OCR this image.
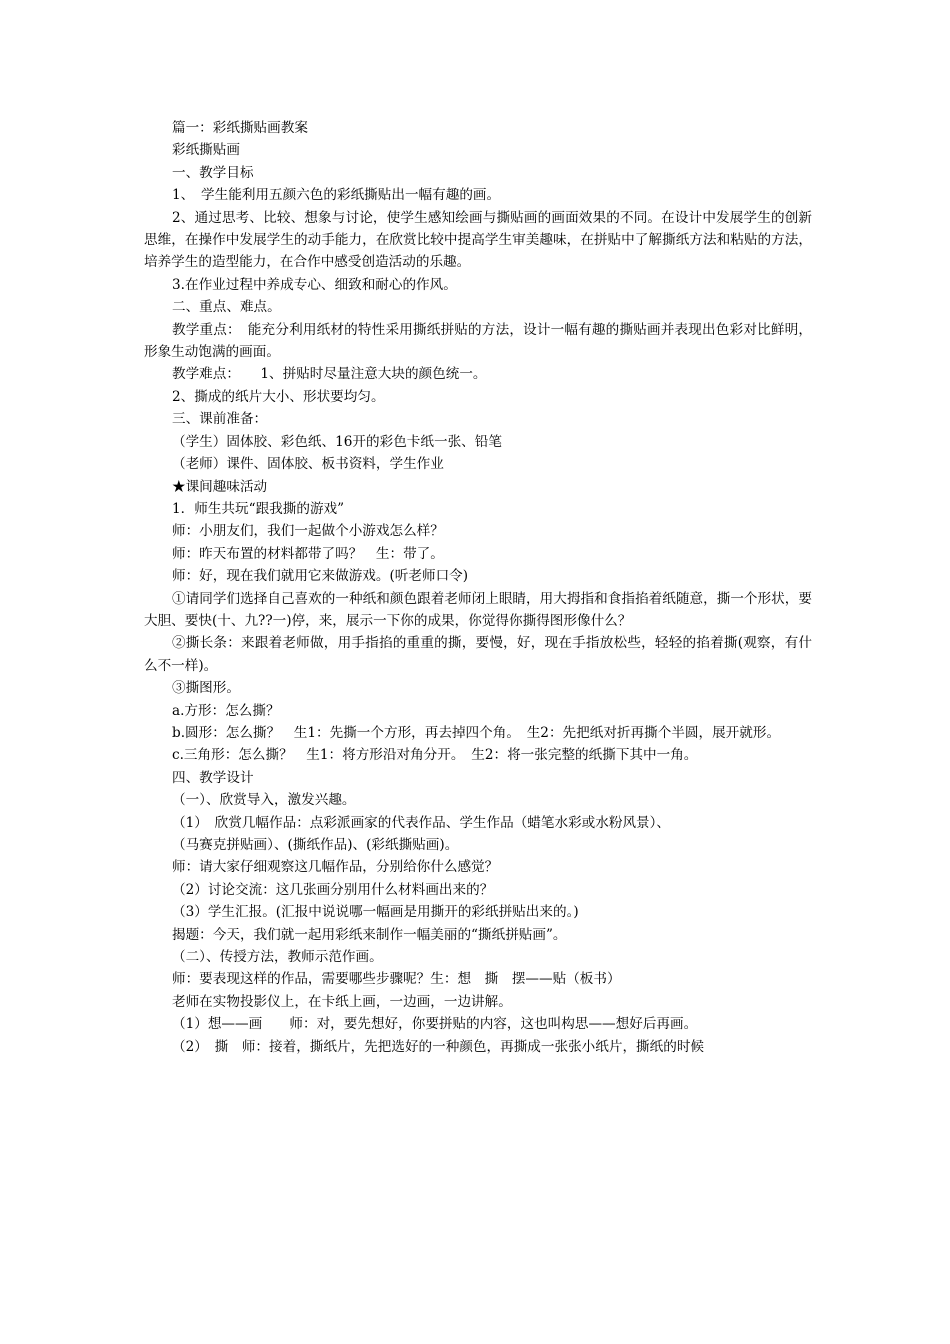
篇一：彩纸撕贴画教案

彩纸撕贴画

一、教学目标

1、　学生能利用五颜六色的彩纸撕贴出一幅有趣的画。

2、通过思考、比较、想象与讨论，使学生感知绘画与撕贴画的画面效果的不同。在设计中发展学生的创新思维，在操作中发展学生的动手能力，在欣赏比较中提高学生审美趣味，在拼贴中了解撕纸方法和粘贴的方法，培养学生的造型能力，在合作中感受创造活动的乐趣。

3.在作业过程中养成专心、细致和耐心的作风。

二、重点、难点。

教学重点：　能充分利用纸材的特性采用撕纸拼贴的方法，设计一幅有趣的撕贴画并表现出色彩对比鲜明，形象生动饱满的画面。

教学难点：　　1、拼贴时尽量注意大块的颜色统一。

2、撕成的纸片大小、形状要均匀。

三、课前准备：

（学生）固体胶、彩色纸、16开的彩色卡纸一张、铅笔

（老师）课件、固体胶、板书资料，学生作业

★课间趣味活动

1．师生共玩“跟我撕的游戏”

师：小朋友们，我们一起做个小游戏怎么样？

师：昨天布置的材料都带了吗？　生：带了。

师：好，现在我们就用它来做游戏。(听老师口令)

①请同学们选择自己喜欢的一种纸和颜色跟着老师闭上眼睛，用大拇指和食指掐着纸随意，撕一个形状，要大胆、要快(十、九??一)停，来，展示一下你的成果，你觉得你撕得图形像什么？

②撕长条：来跟着老师做，用手指掐的重重的撕，要慢，好，现在手指放松些，轻轻的掐着撕(观察，有什么不一样)。

③撕图形。

a.方形：怎么撕？

b.圆形：怎么撕？　生1：先撕一个方形，再去掉四个角。　生2：先把纸对折再撕个半圆，展开就形。

c.三角形：怎么撕？　生1：将方形沿对角分开。　生2：将一张完整的纸撕下其中一角。

四、教学设计

（一）、欣赏导入，激发兴趣。

（1）　欣赏几幅作品：点彩派画家的代表作品、学生作品（蜡笔水彩或水粉风景）、

（马赛克拼贴画）、(撕纸作品)、(彩纸撕贴画)。

师：请大家仔细观察这几幅作品，分别给你什么感觉？

（2）讨论交流：这几张画分别用什么材料画出来的？

（3）学生汇报。(汇报中说说哪一幅画是用撕开的彩纸拼贴出来的。)

揭题：今天，我们就一起用彩纸来制作一幅美丽的“撕纸拼贴画”。

（二）、传授方法，教师示范作画。

师：要表现这样的作品，需要哪些步骤呢？生：想　撕　摆——贴（板书）

老师在实物投影仪上，在卡纸上画，一边画，一边讲解。

（1）想——画　　师：对，要先想好，你要拼贴的内容，这也叫构思——想好后再画。

（2）　撕　师：接着，撕纸片，先把选好的一种颜色，再撕成一张张小纸片，撕纸的时候
